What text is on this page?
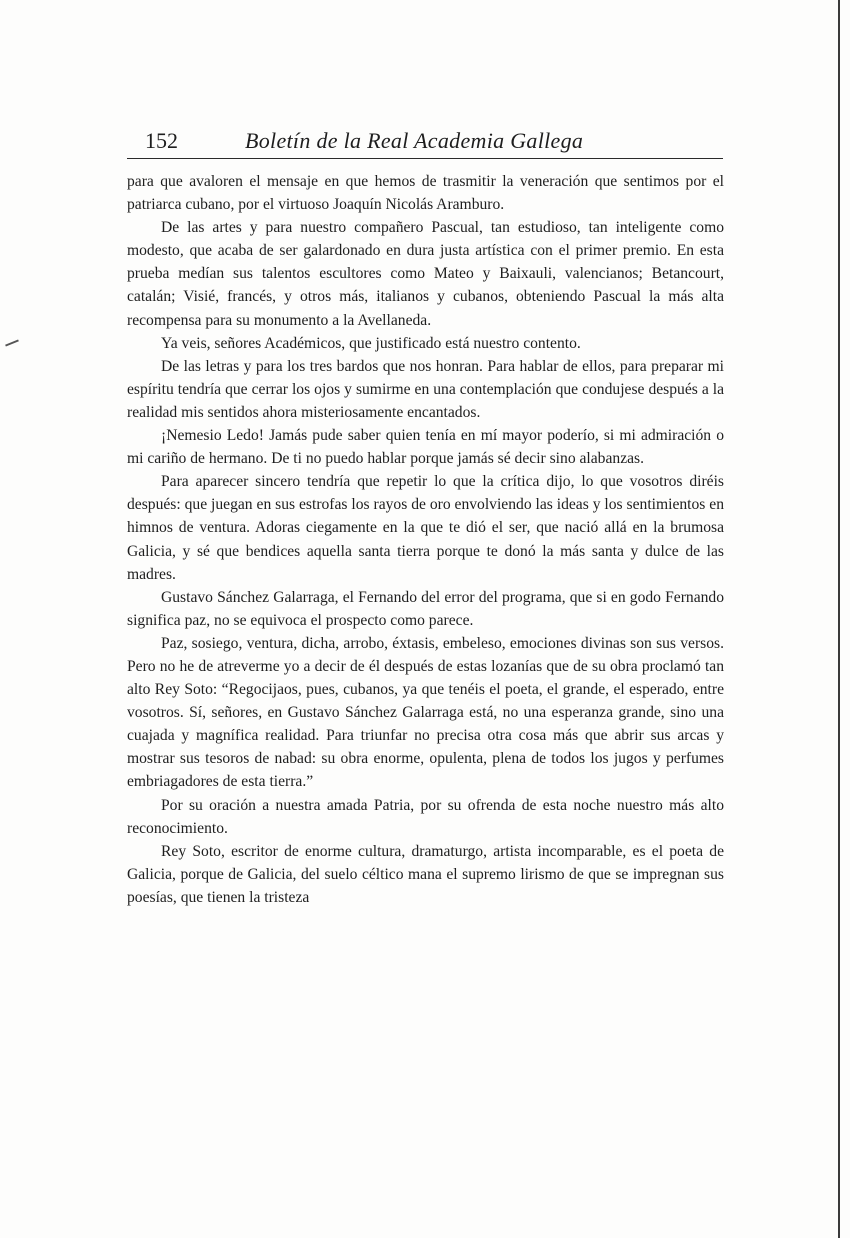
152	Boletín de la Real Academia Gallega

para que avaloren el mensaje en que hemos de trasmitir la veneración que sentimos por el patriarca cubano, por el virtuoso Joaquín Nicolás Aramburo.

De las artes y para nuestro compañero Pascual, tan estudioso, tan inteligente como modesto, que acaba de ser galardonado en dura justa artística con el primer premio. En esta prueba medían sus talentos escultores como Mateo y Baixauli, valencianos; Betancourt, catalán; Visié, francés, y otros más, italianos y cubanos, obteniendo Pascual la más alta recompensa para su monumento a la Avellaneda.

Ya veis, señores Académicos, que justificado está nuestro contento.

De las letras y para los tres bardos que nos honran. Para hablar de ellos, para preparar mi espíritu tendría que cerrar los ojos y sumirme en una contemplación que condujese después a la realidad mis sentidos ahora misteriosamente encantados.

¡Nemesio Ledo! Jamás pude saber quien tenía en mí mayor poderío, si mi admiración o mi cariño de hermano. De ti no puedo hablar porque jamás sé decir sino alabanzas.

Para aparecer sincero tendría que repetir lo que la crítica dijo, lo que vosotros diréis después: que juegan en sus estrofas los rayos de oro envolviendo las ideas y los sentimientos en himnos de ventura. Adoras ciegamente en la que te dió el ser, que nació allá en la brumosa Galicia, y sé que bendices aquella santa tierra porque te donó la más santa y dulce de las madres.

Gustavo Sánchez Galarraga, el Fernando del error del programa, que si en godo Fernando significa paz, no se equivoca el prospecto como parece.

Paz, sosiego, ventura, dicha, arrobo, éxtasis, embeleso, emociones divinas son sus versos. Pero no he de atreverme yo a decir de él después de estas lozanías que de su obra proclamó tan alto Rey Soto: “Regocijaos, pues, cubanos, ya que tenéis el poeta, el grande, el esperado, entre vosotros. Sí, señores, en Gustavo Sánchez Galarraga está, no una esperanza grande, sino una cuajada y magnífica realidad. Para triunfar no precisa otra cosa más que abrir sus arcas y mostrar sus tesoros de nabad: su obra enorme, opulenta, plena de todos los jugos y perfumes embriagadores de esta tierra.”

Por su oración a nuestra amada Patria, por su ofrenda de esta noche nuestro más alto reconocimiento.

Rey Soto, escritor de enorme cultura, dramaturgo, artista incomparable, es el poeta de Galicia, porque de Galicia, del suelo céltico mana el supremo lirismo de que se impregnan sus poesías, que tienen la tristeza
